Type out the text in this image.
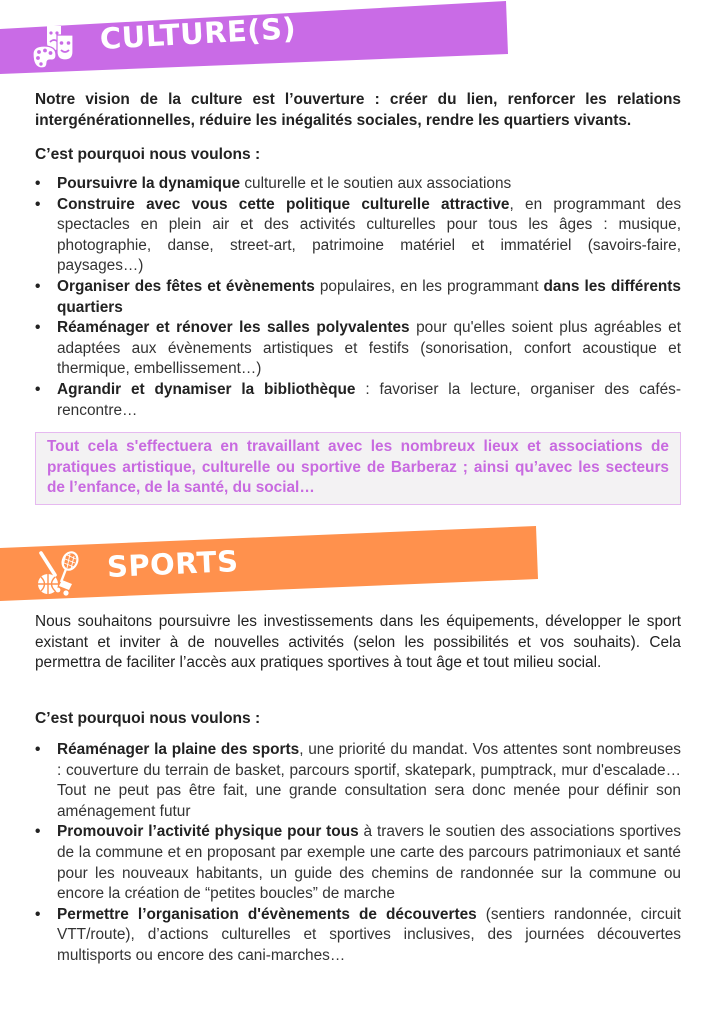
CULTURE(S)
Notre vision de la culture est l’ouverture : créer du lien, renforcer les relations intergénérationnelles, réduire les inégalités sociales, rendre les quartiers vivants.
C’est pourquoi nous voulons :
•	Poursuivre la dynamique culturelle et le soutien aux associations
•	Construire avec vous cette politique culturelle attractive, en programmant des spectacles en plein air et des activités culturelles pour tous les âges : musique, photographie, danse, street-art, patrimoine matériel et immatériel (savoirs-faire, paysages…)
•	Organiser des fêtes et évènements populaires, en les programmant dans les différents quartiers
•	Réaménager et rénover les salles polyvalentes pour qu'elles soient plus agréables et adaptées aux évènements artistiques et festifs (sonorisation, confort acoustique et thermique, embellissement…)
•	Agrandir et dynamiser la bibliothèque : favoriser la lecture, organiser des cafés-rencontre…
Tout cela s'effectuera en travaillant avec les nombreux lieux et associations de pratiques artistique, culturelle ou sportive de Barberaz ; ainsi qu’avec les secteurs de l’enfance, de la santé, du social…
SPORTS
Nous souhaitons poursuivre les investissements dans les équipements, développer le sport existant et inviter à de nouvelles activités (selon les possibilités et vos souhaits). Cela permettra de faciliter l’accès aux pratiques sportives à tout âge et tout milieu social.
C’est pourquoi nous voulons :
•	Réaménager la plaine des sports, une priorité du mandat. Vos attentes sont nombreuses : couverture du terrain de basket, parcours sportif, skatepark, pumptrack, mur d'escalade… Tout ne peut pas être fait, une grande consultation sera donc menée pour définir son aménagement futur
•	Promouvoir l’activité physique pour tous à travers le soutien des associations sportives de la commune et en proposant par exemple une carte des parcours patrimoniaux et santé pour les nouveaux habitants, un guide des chemins de randonnée sur la commune ou encore la création de “petites boucles” de marche
•	Permettre l’organisation d'évènements de découvertes (sentiers randonnée, circuit VTT/route), d’actions culturelles et sportives inclusives, des journées découvertes multisports ou encore des cani-marches…
